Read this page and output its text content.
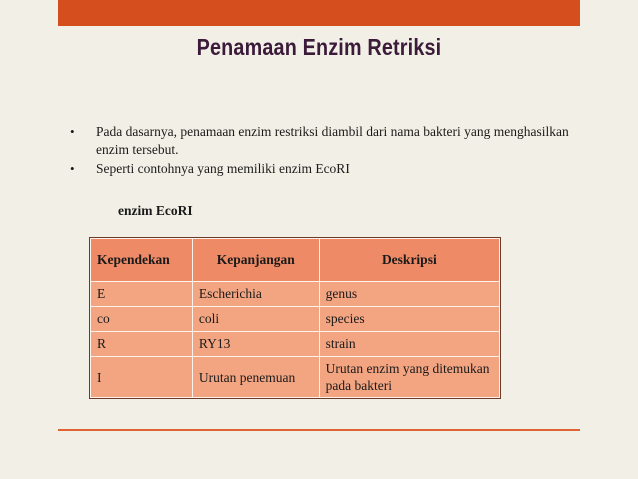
Penamaan Enzim Retriksi
• Pada dasarnya, penamaan enzim restriksi diambil dari nama bakteri yang menghasilkan enzim tersebut.
• Seperti contohnya yang memiliki enzim EcoRI
enzim EcoRI
Kependekan	Kepanjangan	Deskripsi
E	Escherichia	genus
co	coli	species
R	RY13	strain
I	Urutan penemuan	Urutan enzim yang ditemukan pada bakteri
